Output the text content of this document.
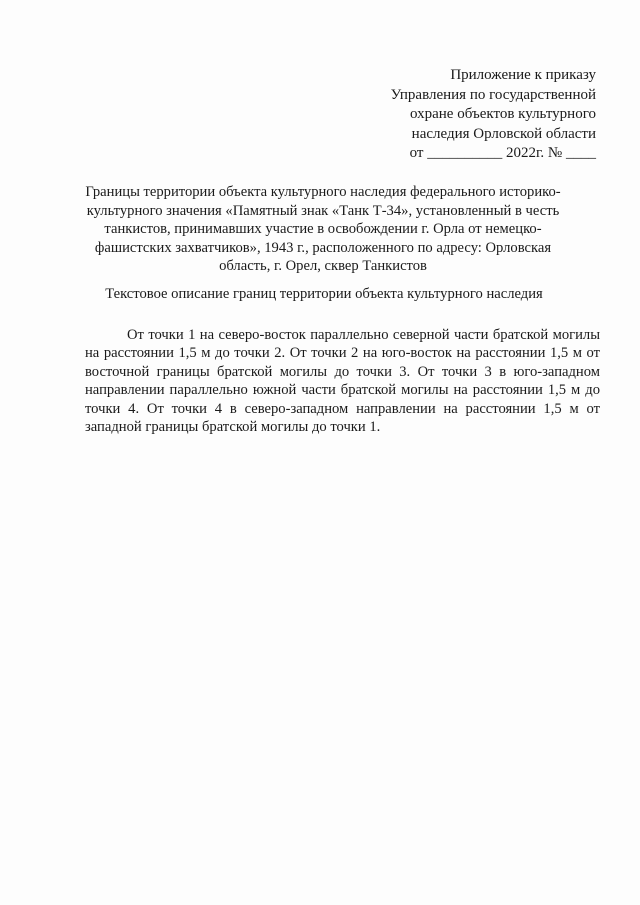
Приложение к приказу
Управления по государственной
охране объектов культурного
наследия Орловской области
от __________ 2022г. № ____
Границы территории объекта культурного наследия федерального историко-культурного значения «Памятный знак «Танк Т-34», установленный в честь танкистов, принимавших участие в освобождении г. Орла от немецко-фашистских захватчиков», 1943 г., расположенного по адресу: Орловская область, г. Орел, сквер Танкистов
Текстовое описание границ территории объекта культурного наследия

От точки 1 на северо-восток параллельно северной части братской могилы на расстоянии 1,5 м до точки 2. От точки 2 на юго-восток на расстоянии 1,5 м от восточной границы братской могилы до точки 3. От точки 3 в юго-западном направлении параллельно южной части братской могилы на расстоянии 1,5 м до точки 4. От точки 4 в северо-западном направлении на расстоянии 1,5 м от западной границы братской могилы до точки 1.
